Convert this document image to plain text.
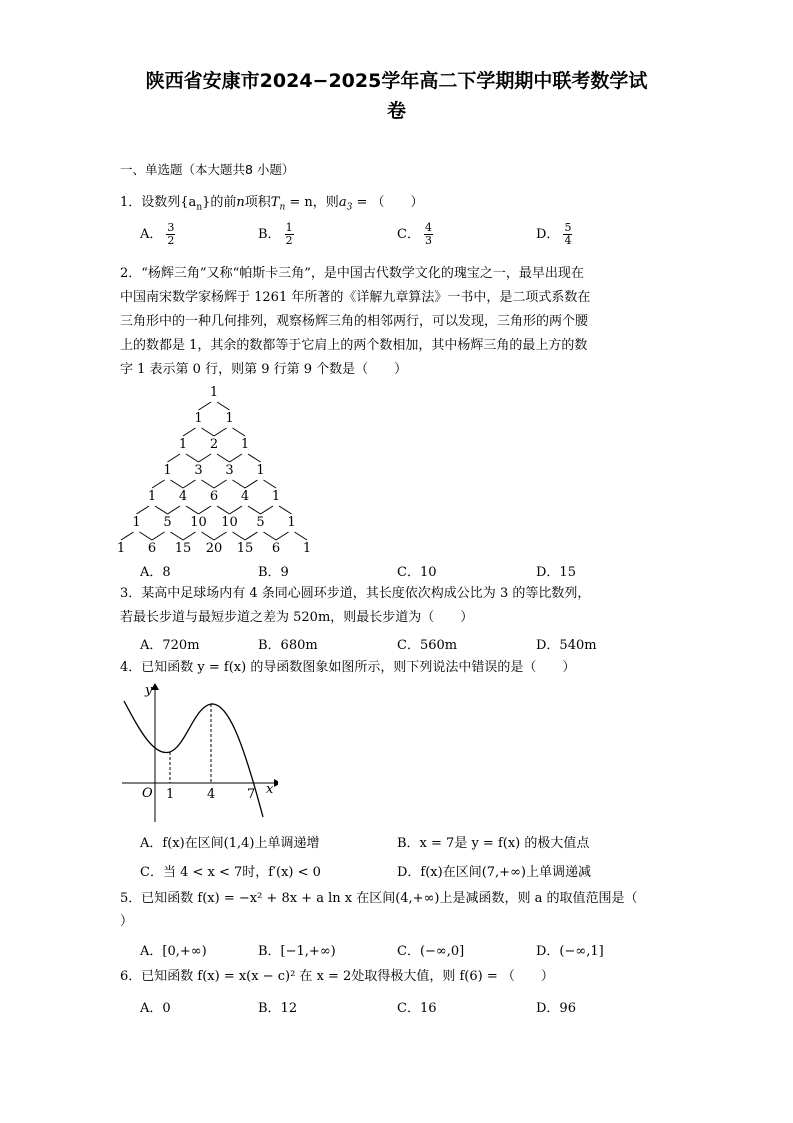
陕西省安康市2024−2025学年高二下学期期中联考数学试
卷
一、单选题（本大题共8 小题）
1．设数列$\{a_n\}$的前n项积$T_n = n$，则$a_3$ = （　　）
A． $\frac{3}{2}$	B． $\frac{1}{2}$	C． $\frac{4}{3}$	D． $\frac{5}{4}$
2．“杨辉三角”又称“帕斯卡三角”，是中国古代数学文化的瑰宝之一，最早出现在
中国南宋数学家杨辉于 1261 年所著的《详解九章算法》一书中，是二项式系数在
三角形中的一种几何排列，观察杨辉三角的相邻两行，可以发现，三角形的两个腰
上的数都是 1，其余的数都等于它肩上的两个数相加，其中杨辉三角的最上方的数
字 1 表示第 0 行，则第 9 行第 9 个数是（　　）
1
1 1
1 2 1
1 3 3 1
1 4 6 4 1
1 5 10 10 5 1
1 6 15 20 15 6 1
A．8	B．9	C．10	D．15
3．某高中足球场内有 4 条同心圆环步道，其长度依次构成公比为 3 的等比数列，
若最长步道与最短步道之差为 520m，则最长步道为（　　）
A．720m	B．680m	C．560m	D．540m
4．已知函数 y = f(x) 的导函数图象如图所示，则下列说法中错误的是（　　）
y
x
O 1	4 7
A．f(x)在区间(1,4)上单调递增	B．x = 7是 y = f(x) 的极大值点
C．当 4 < x < 7时，f′(x) < 0	D．f(x)在区间(7,+∞)上单调递减
5．已知函数 f(x) = −x² + 8x + a ln x 在区间(4,+∞)上是减函数，则 a 的取值范围是（
）
A．[0,+∞)	B．[−1,+∞)	C．(−∞,0]	D．(−∞,1]
6．已知函数 f(x) = x(x − c)² 在 x = 2处取得极大值，则 f(6) = （　　）
A．0	B．12	C．16	D．96
